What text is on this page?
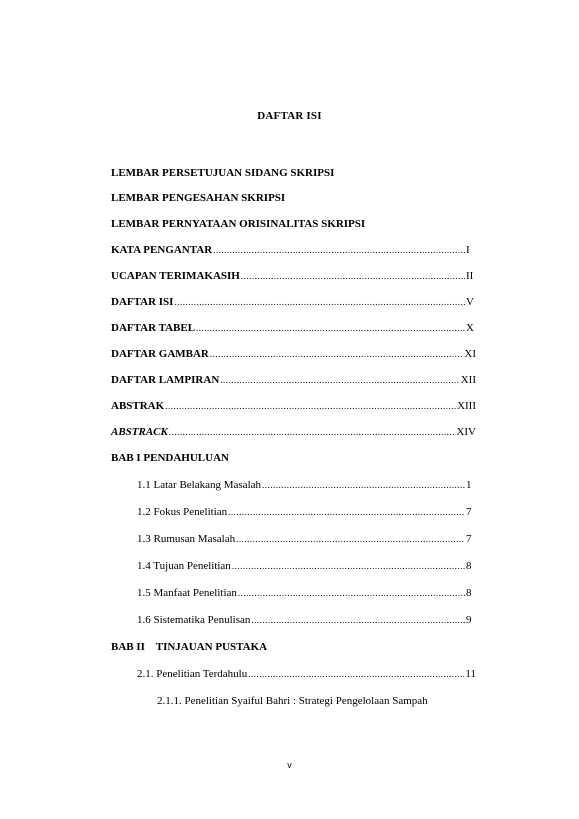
DAFTAR ISI
LEMBAR PERSETUJUAN SIDANG SKRIPSI
LEMBAR PENGESAHAN SKRIPSI
LEMBAR PERNYATAAN ORISINALITAS SKRIPSI
KATA PENGANTAR .....	I
UCAPAN TERIMAKASIH .....	II
DAFTAR ISI .....	V
DAFTAR TABEL .....	X
DAFTAR GAMBAR .....	XI
DAFTAR LAMPIRAN .....	XII
ABSTRAK .....	XIII
ABSTRACK .....	XIV
BAB I PENDAHULUAN
1.1 Latar Belakang Masalah .....	1
1.2 Fokus Penelitian .....	7
1.3 Rumusan Masalah .....	7
1.4 Tujuan Penelitian .....	8
1.5 Manfaat Penelitian .....	8
1.6 Sistematika Penulisan .....	9
BAB II    TINJAUAN PUSTAKA
2.1. Penelitian Terdahulu .....	11
2.1.1. Penelitian Syaiful Bahri : Strategi Pengelolaan Sampah
v
